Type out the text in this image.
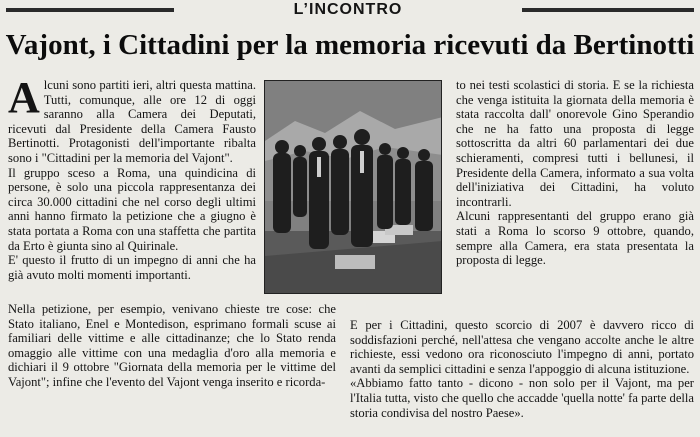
L’INCONTRO
Vajont, i Cittadini per la memoria ricevuti da Bertinotti

Alcuni sono partiti ieri, altri questa mattina. Tutti, comunque, alle ore 12 di oggi saranno alla Camera dei Deputati, ricevuti dal Presidente della Camera Fausto Bertinotti. Protagonisti dell'importante ribalta sono i "Cittadini per la memoria del Vajont".

Il gruppo sceso a Roma, una quindicina di persone, è solo una piccola rappresentanza dei circa 30.000 cittadini che nel corso degli ultimi anni hanno firmato la petizione che a giugno è stata portata a Roma con una staffetta che partita da Erto è giunta sino al Quirinale.

E' questo il frutto di un impegno di anni che ha già avuto molti momenti importanti.

Nella petizione, per esempio, venivano chieste tre cose: che Stato italiano, Enel e Montedison, esprimano formali scuse ai familiari delle vittime e alle cittadinanze; che lo Stato renda omaggio alle vittime con una medaglia d'oro alla memoria e dichiari il 9 ottobre "Giornata della memoria per le vittime del Vajont"; infine che l'evento del Vajont venga inserito e ricorda-

to nei testi scolastici di storia. E se la richiesta che venga istituita la giornata della memoria è stata raccolta dall' onorevole Gino Sperandio che ne ha fatto una proposta di legge sottoscritta da altri 60 parlamentari dei due schieramenti, compresi tutti i bellunesi, il Presidente della Camera, informato a sua volta dell'iniziativa dei Cittadini, ha voluto incontrarli.

Alcuni rappresentanti del gruppo erano già stati a Roma lo scorso 9 ottobre, quando, sempre alla Camera, era stata presentata la proposta di legge.

E per i Cittadini, questo scorcio di 2007 è davvero ricco di soddisfazioni perché, nell'attesa che vengano accolte anche le altre richieste, essi vedono ora riconosciuto l'impegno di anni, portato avanti da semplici cittadini e senza l'appoggio di alcuna istituzione.

«Abbiamo fatto tanto - dicono - non solo per il Vajont, ma per l'Italia tutta, visto che quello che accadde 'quella notte' fa parte della storia condivisa del nostro Paese».
